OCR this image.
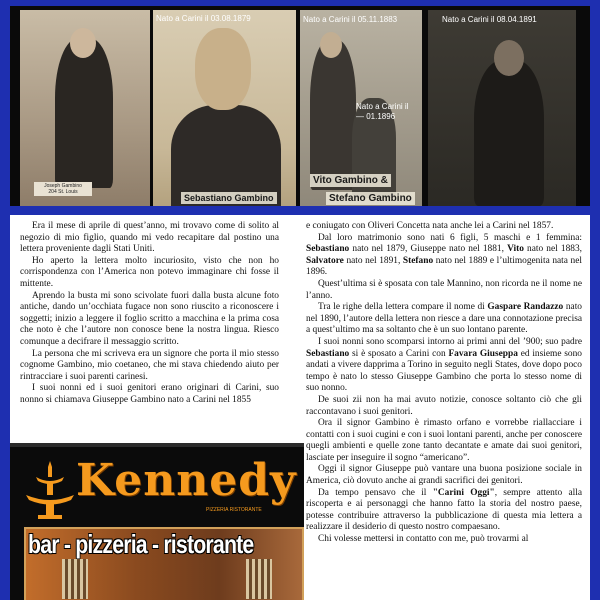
Joseph Gambino
204 St. Louis
Nato a Carini il 03.08.1879
Sebastiano Gambino
Nato a Carini il 05.11.1883
Nato a Carini il — 01.1896
Vito Gambino &
Stefano Gambino
Nato a Carini il 08.04.1891

Era il mese di aprile di quest’anno, mi trovavo come di solito al negozio di mio figlio, quando mi vedo recapitare dal postino una lettera proveniente dagli Stati Uniti.

Ho aperto la lettera molto incuriosito, visto che non ho corrispondenza con l’America non potevo immaginare chi fosse il mittente.

Aprendo la busta mi sono scivolate fuori dalla busta alcune foto antiche, dando un’occhiata fugace non sono riuscito a riconoscere i soggetti; inizio a leggere il foglio scritto a macchina e la prima cosa che noto è che l’autore non conosce bene la nostra lingua. Riesco comunque a decifrare il messaggio scritto.

La persona che mi scriveva era un signore che porta il mio stesso cognome Gambino, mio coetaneo, che mi stava chiedendo aiuto per rintracciare i suoi parenti carinesi.

I suoi nonni ed i suoi genitori erano originari di Carini, suo nonno si chiamava Giuseppe Gambino nato a Carini nel 1855

e coniugato con Oliveri Concetta nata anche lei a Carini nel 1857.

Dal loro matrimonio sono nati 6 figli, 5 maschi e 1 femmina: Sebastiano nato nel 1879, Giuseppe nato nel 1881, Vito nato nel 1883, Salvatore nato nel 1891, Stefano nato nel 1889 e l’ultimogenita nata nel 1896.

Quest’ultima si è sposata con tale Mannino, non ricorda ne il nome ne l’anno.

Tra le righe della lettera compare il nome di Gaspare Randazzo nato nel 1890, l’autore della lettera non riesce a dare una connotazione precisa a quest’ultimo ma sa soltanto che è un suo lontano parente.

I suoi nonni sono scomparsi intorno ai primi anni del ’900; suo padre Sebastiano si è sposato a Carini con Favara Giuseppa ed insieme sono andati a vivere dapprima a Torino in seguito negli States, dove dopo poco tempo è nato lo stesso Giuseppe Gambino che porta lo stesso nome di suo nonno.

De suoi zii non ha mai avuto notizie, conosce soltanto ciò che gli raccontavano i suoi genitori.

Ora il signor Gambino è rimasto orfano e vorrebbe riallacciare i contatti con i suoi cugini e con i suoi lontani parenti, anche per conoscere quegli ambienti e quelle zone tanto decantate e amate dai suoi genitori, lasciate per inseguire il sogno “americano”.

Oggi il signor Giuseppe può vantare una buona posizione sociale in America, ciò dovuto anche ai grandi sacrifici dei genitori.

Da tempo pensavo che il "Carini Oggi", sempre attento alla riscoperta e ai personaggi che hanno fatto la storia del nostro paese, potesse contribuire attraverso la pubblicazione di questa mia lettera a realizzare il desiderio di questo nostro compaesano.

Chi volesse mettersi in contatto con me, può trovarmi al

Kennedy
PIZZERIA RISTORANTE
bar - pizzeria - ristorante
